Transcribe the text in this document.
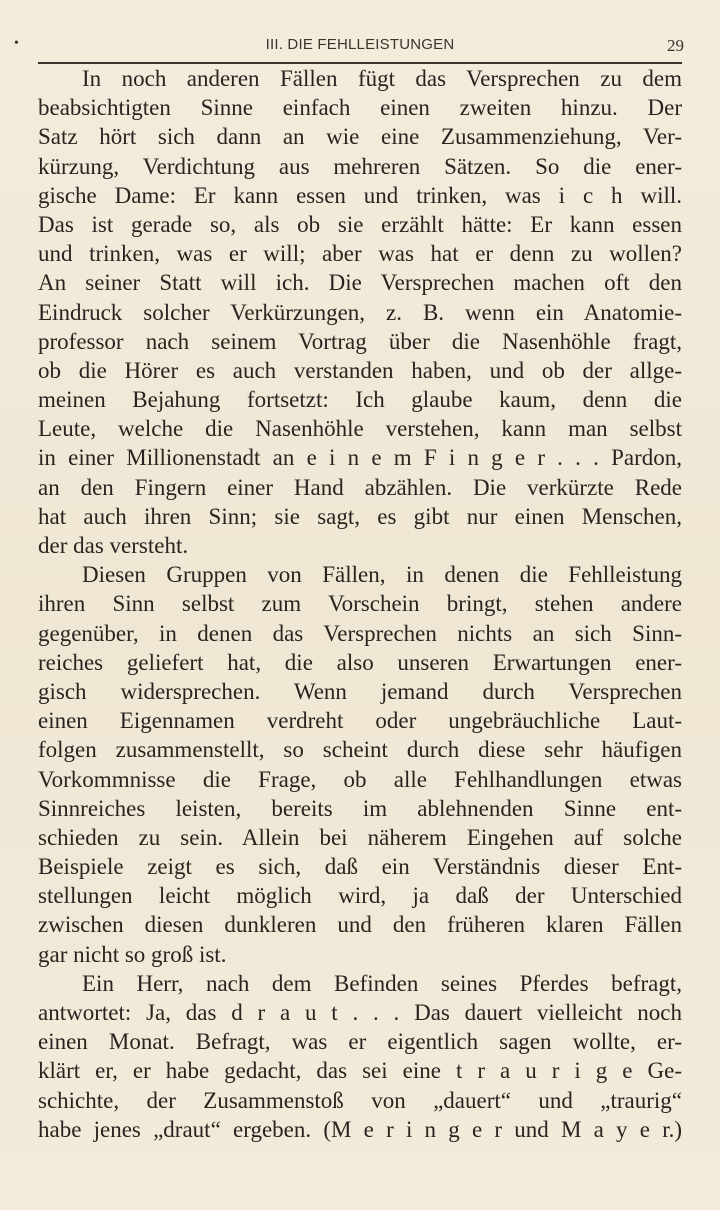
•	III. DIE FEHLLEISTUNGEN	29
In noch anderen Fällen fügt das Versprechen zu dem
beabsichtigten Sinne einfach einen zweiten hinzu. Der
Satz hört sich dann an wie eine Zusammenziehung, Ver-
kürzung, Verdichtung aus mehreren Sätzen. So die ener-
gische Dame: Er kann essen und trinken, was i c h will.
Das ist gerade so, als ob sie erzählt hätte: Er kann essen
und trinken, was er will; aber was hat er denn zu wollen?
An seiner Statt will ich. Die Versprechen machen oft den
Eindruck solcher Verkürzungen, z. B. wenn ein Anatomie-
professor nach seinem Vortrag über die Nasenhöhle fragt,
ob die Hörer es auch verstanden haben, und ob der allge-
meinen Bejahung fortsetzt: Ich glaube kaum, denn die
Leute, welche die Nasenhöhle verstehen, kann man selbst
in einer Millionenstadt an e i n e m F i n g e r . . . Pardon,
an den Fingern einer Hand abzählen. Die verkürzte Rede
hat auch ihren Sinn; sie sagt, es gibt nur einen Menschen,
der das versteht.
Diesen Gruppen von Fällen, in denen die Fehlleistung
ihren Sinn selbst zum Vorschein bringt, stehen andere
gegenüber, in denen das Versprechen nichts an sich Sinn-
reiches geliefert hat, die also unseren Erwartungen ener-
gisch widersprechen. Wenn jemand durch Versprechen
einen Eigennamen verdreht oder ungebräuchliche Laut-
folgen zusammenstellt, so scheint durch diese sehr häufigen
Vorkommnisse die Frage, ob alle Fehlhandlungen etwas
Sinnreiches leisten, bereits im ablehnenden Sinne ent-
schieden zu sein. Allein bei näherem Eingehen auf solche
Beispiele zeigt es sich, daß ein Verständnis dieser Ent-
stellungen leicht möglich wird, ja daß der Unterschied
zwischen diesen dunkleren und den früheren klaren Fällen
gar nicht so groß ist.
Ein Herr, nach dem Befinden seines Pferdes befragt,
antwortet: Ja, das d r a u t . . . Das dauert vielleicht noch
einen Monat. Befragt, was er eigentlich sagen wollte, er-
klärt er, er habe gedacht, das sei eine t r a u r i g e Ge-
schichte, der Zusammenstoß von „dauert“ und „traurig“
habe jenes „draut“ ergeben. (M e r i n g e r und M a y e r.)
